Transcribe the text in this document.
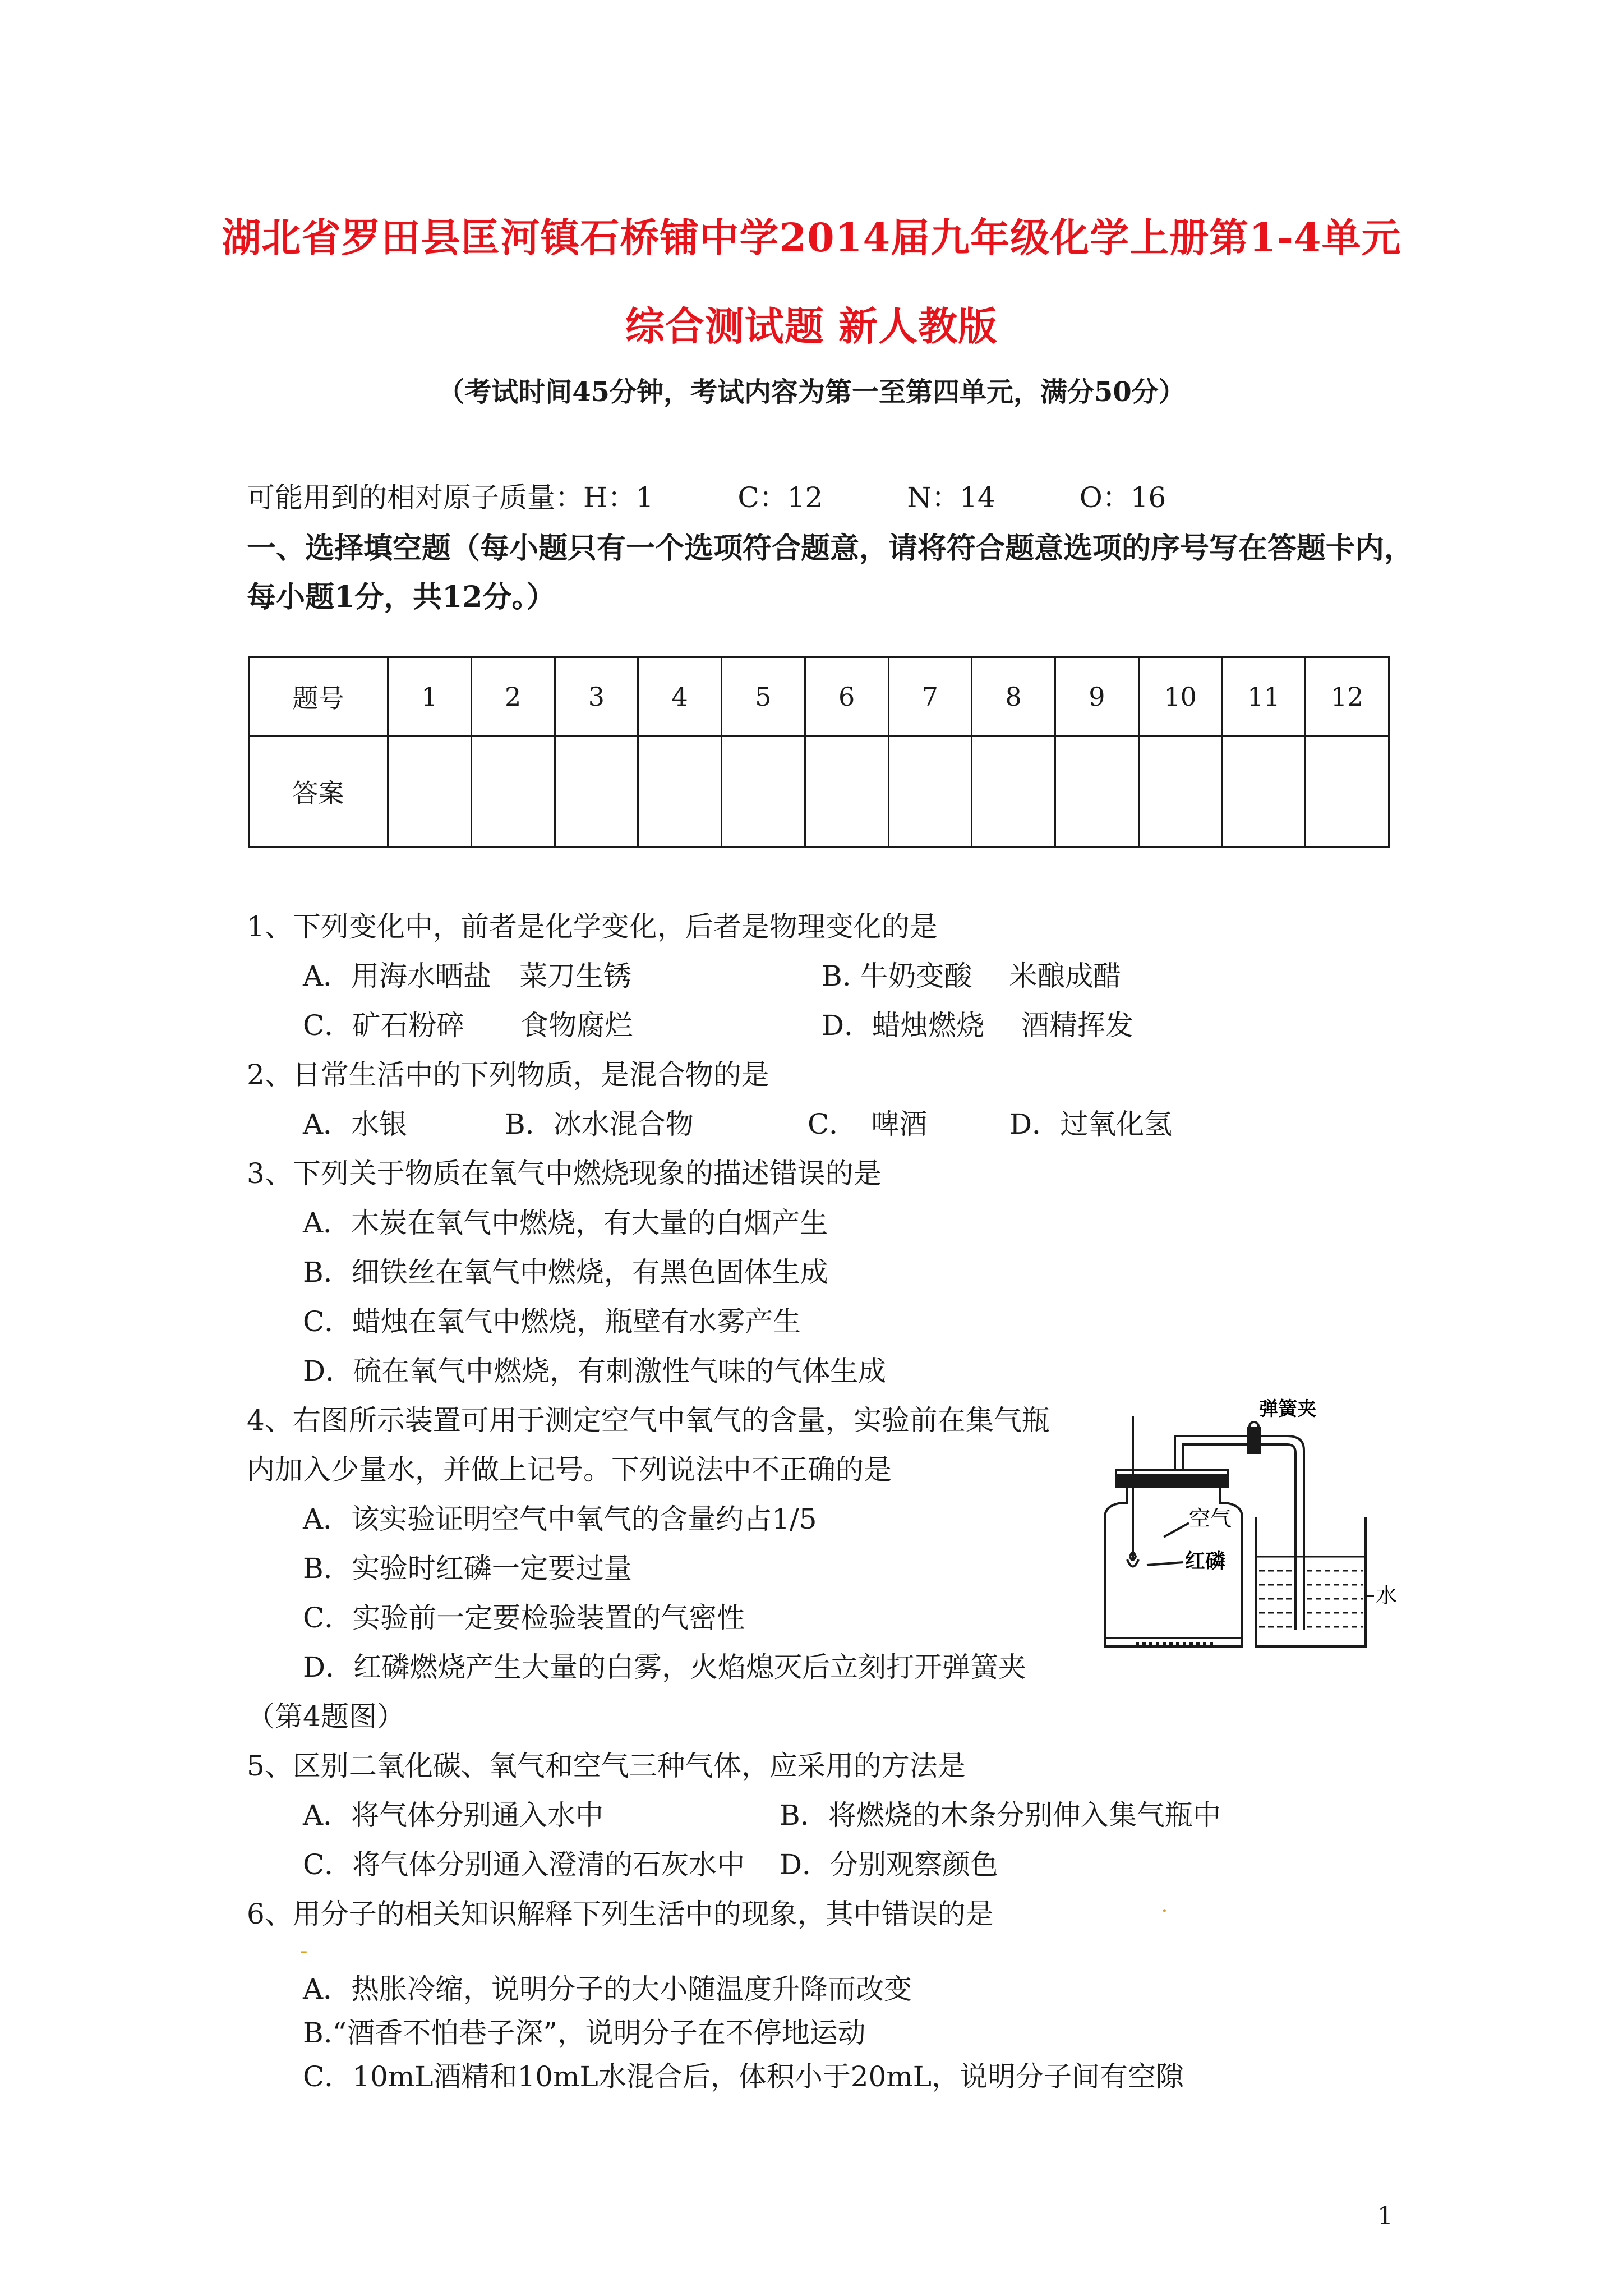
湖北省罗田县匡河镇石桥铺中学2014届九年级化学上册第1-4单元
综合测试题 新人教版
（考试时间45分钟，考试内容为第一至第四单元，满分50分）
可能用到的相对原子质量：H：1	C：12	N：14	O：16
一、选择填空题（每小题只有一个选项符合题意，请将符合题意选项的序号写在答题卡内，
每小题1分，共12分。）
题号	1	2	3	4	5	6	7	8	9	10	11	12
答案												
1、下列变化中，前者是化学变化，后者是物理变化的是
A．用海水晒盐　菜刀生锈	B. 牛奶变酸　 米酿成醋
C．矿石粉碎　　食物腐烂	D．蜡烛燃烧　 酒精挥发
2、日常生活中的下列物质，是混合物的是
A．水银	B．冰水混合物	C．　啤酒	D．过氧化氢
3、下列关于物质在氧气中燃烧现象的描述错误的是
A．木炭在氧气中燃烧，有大量的白烟产生
B．细铁丝在氧气中燃烧，有黑色固体生成
C．蜡烛在氧气中燃烧，瓶壁有水雾产生
D．硫在氧气中燃烧，有刺激性气味的气体生成
4、右图所示装置可用于测定空气中氧气的含量，实验前在集气瓶
内加入少量水，并做上记号。下列说法中不正确的是
A．该实验证明空气中氧气的含量约占1/5
B．实验时红磷一定要过量
C．实验前一定要检验装置的气密性
D．红磷燃烧产生大量的白雾，火焰熄灭后立刻打开弹簧夹
（第4题图）
弹簧夹
空气
红磷
水
5、区别二氧化碳、氧气和空气三种气体，应采用的方法是
A．将气体分别通入水中	B．将燃烧的木条分别伸入集气瓶中
C．将气体分别通入澄清的石灰水中 D．分别观察颜色
6、用分子的相关知识解释下列生活中的现象，其中错误的是	.
-
A．热胀冷缩，说明分子的大小随温度升降而改变
B.“酒香不怕巷子深”，说明分子在不停地运动
C．10mL酒精和10mL水混合后，体积小于20mL，说明分子间有空隙
1
